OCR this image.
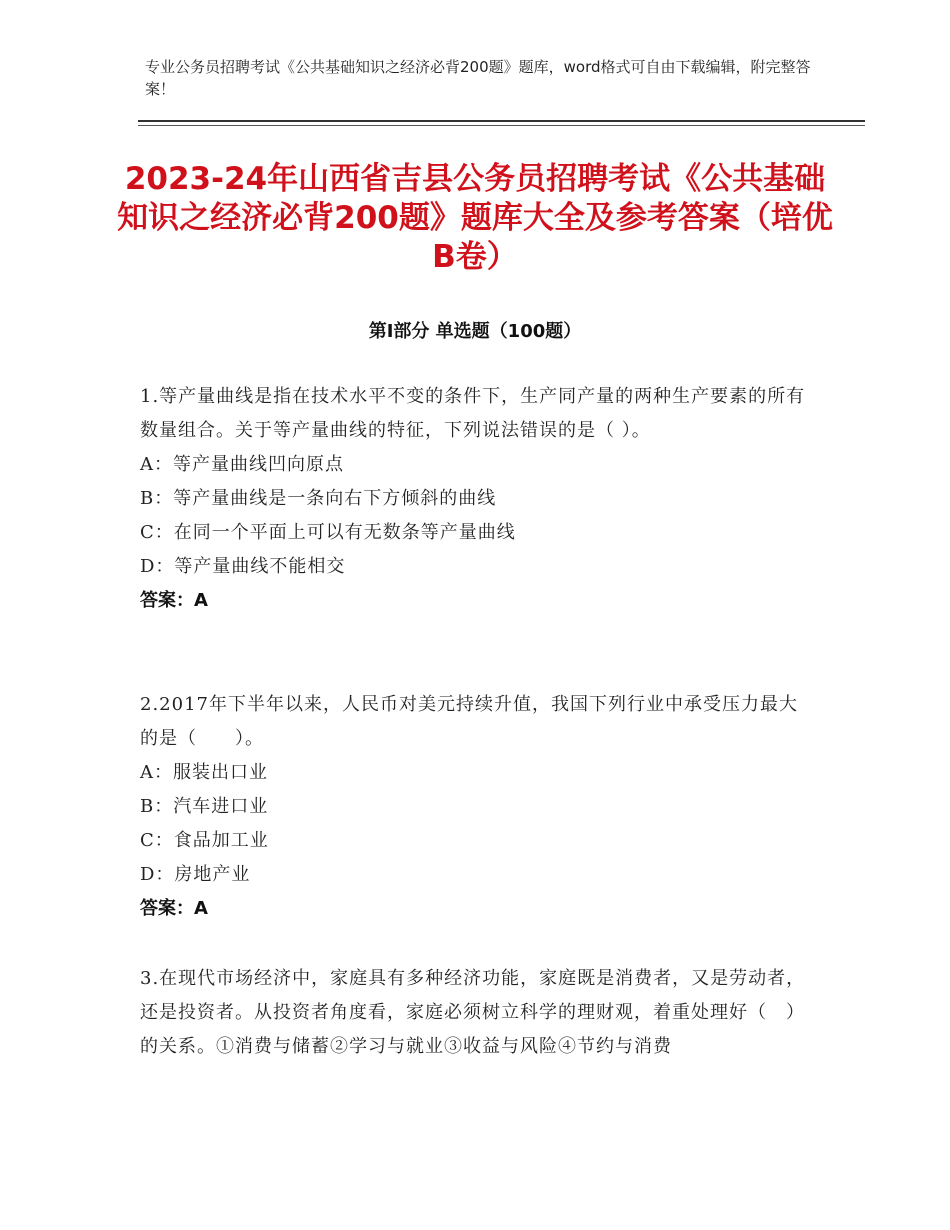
专业公务员招聘考试《公共基础知识之经济必背200题》题库，word格式可自由下载编辑，附完整答案！
2023-24年山西省吉县公务员招聘考试《公共基础知识之经济必背200题》题库大全及参考答案（培优B卷）
第I部分 单选题（100题）

1.等产量曲线是指在技术水平不变的条件下，生产同产量的两种生产要素的所有数量组合。关于等产量曲线的特征，下列说法错误的是（ ）。

A：等产量曲线凹向原点

B：等产量曲线是一条向右下方倾斜的曲线

C：在同一个平面上可以有无数条等产量曲线

D：等产量曲线不能相交

答案：A

2.2017年下半年以来，人民币对美元持续升值，我国下列行业中承受压力最大的是（　　）。

A：服装出口业

B：汽车进口业

C：食品加工业

D：房地产业

答案：A

3.在现代市场经济中，家庭具有多种经济功能，家庭既是消费者，又是劳动者，还是投资者。从投资者角度看，家庭必须树立科学的理财观，着重处理好（　）的关系。①消费与储蓄②学习与就业③收益与风险④节约与消费
